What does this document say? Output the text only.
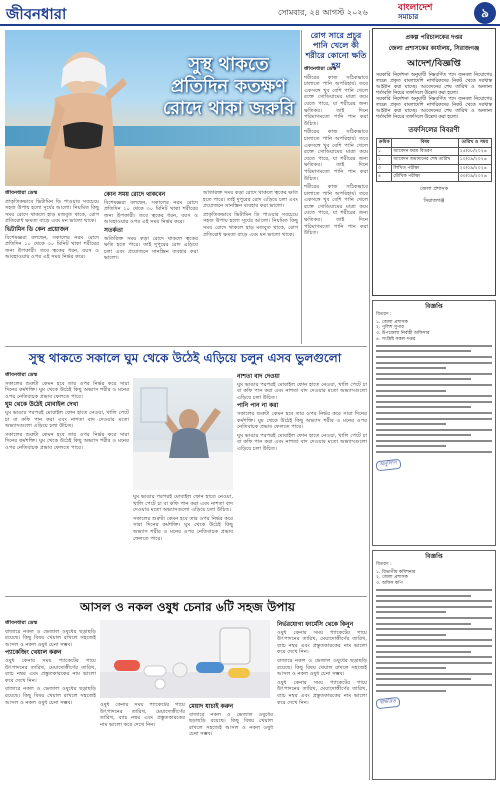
জীবনধারা	সোমবার, ২৪ আগস্ট ২০২৬	বাংলাদেশ
সমাচার	৯
সুস্থ থাকতে প্রতিদিন কতক্ষণ রোদে থাকা জরুরি
জীবনধারা ডেস্ক

প্রাকৃতিকভাবে ভিটামিন ডি পাওয়ার সবচেয়ে সহজ উপায় হলো সূর্যের আলো। নিয়মিত কিছু সময় রোদে থাকলে হাড় মজবুত থাকে, রোগ প্রতিরোধ ক্ষমতা বাড়ে এবং মন ভালো থাকে।

ভিটামিন ডি কেন প্রয়োজন

বিশেষজ্ঞরা বলছেন, সকালের নরম রোদে প্রতিদিন ১০ থেকে ৩০ মিনিট থাকা শরীরের জন্য উপকারী। তবে ত্বকের ধরন, বয়স ও আবহাওয়ার ওপর এই সময় নির্ভর করে।

কোন সময় রোদে থাকবেন

বিশেষজ্ঞরা বলছেন, সকালের নরম রোদে প্রতিদিন ১০ থেকে ৩০ মিনিট থাকা শরীরের জন্য উপকারী। তবে ত্বকের ধরন, বয়স ও আবহাওয়ার ওপর এই সময় নির্ভর করে।

সতর্কতা

অতিরিক্ত সময় কড়া রোদে থাকলে ত্বকের ক্ষতি হতে পারে। তাই দুপুরের রোদ এড়িয়ে চলা এবং প্রয়োজনে সানস্ক্রিন ব্যবহার করা ভালো।

অতিরিক্ত সময় কড়া রোদে থাকলে ত্বকের ক্ষতি হতে পারে। তাই দুপুরের রোদ এড়িয়ে চলা এবং প্রয়োজনে সানস্ক্রিন ব্যবহার করা ভালো।

প্রাকৃতিকভাবে ভিটামিন ডি পাওয়ার সবচেয়ে সহজ উপায় হলো সূর্যের আলো। নিয়মিত কিছু সময় রোদে থাকলে হাড় মজবুত থাকে, রোগ প্রতিরোধ ক্ষমতা বাড়ে এবং মন ভালো থাকে।

রোগ সারে প্রচুর পানি খেলে কী শরীরে কোনো ক্ষতি হয়
জীবনধারা ডেস্ক

শরীরের কাজ সঠিকভাবে চালাতে পানি অপরিহার্য। তবে একসঙ্গে খুব বেশি পানি খেলে রক্তে সোডিয়ামের মাত্রা কমে যেতে পারে, যা শরীরের জন্য ক্ষতিকর। তাই দিনে পরিমাণমতো পানি পান করা উচিত।

শরীরের কাজ সঠিকভাবে চালাতে পানি অপরিহার্য। তবে একসঙ্গে খুব বেশি পানি খেলে রক্তে সোডিয়ামের মাত্রা কমে যেতে পারে, যা শরীরের জন্য ক্ষতিকর। তাই দিনে পরিমাণমতো পানি পান করা উচিত।

শরীরের কাজ সঠিকভাবে চালাতে পানি অপরিহার্য। তবে একসঙ্গে খুব বেশি পানি খেলে রক্তে সোডিয়ামের মাত্রা কমে যেতে পারে, যা শরীরের জন্য ক্ষতিকর। তাই দিনে পরিমাণমতো পানি পান করা উচিত।

প্রকল্প পরিচালকের দপ্তর
জেলা প্রশাসকের কার্যালয়, সিরাজগঞ্জ
আদেশ/বিজ্ঞপ্তি
সরকারি নির্দেশনা অনুযায়ী নিম্নবর্ণিত পদে জনবল নিয়োগের লক্ষ্যে প্রকৃত বাংলাদেশি নাগরিকদের নিকট থেকে দরখাস্ত আহ্বান করা যাচ্ছে। আবেদনের শেষ তারিখ ও অন্যান্য শর্তাবলি নিচের তফসিলে উল্লেখ করা হলো।
সরকারি নির্দেশনা অনুযায়ী নিম্নবর্ণিত পদে জনবল নিয়োগের লক্ষ্যে প্রকৃত বাংলাদেশি নাগরিকদের নিকট থেকে দরখাস্ত আহ্বান করা যাচ্ছে। আবেদনের শেষ তারিখ ও অন্যান্য শর্তাবলি নিচের তফসিলে উল্লেখ করা হলো।
তফসিলের বিবরণী
ক্রমিক	বিষয়	তারিখ ও সময়
১	আবেদন ফরম বিতরণ	২৫/০৮/২০২৬
২	আবেদন জমাদানের শেষ তারিখ	১০/০৯/২০২৬
৩	লিখিত পরীক্ষা	২০/০৯/২০২৬
৪	মৌখিক পরীক্ষা	৩০/০৯/২০২৬
জেলা প্রশাসক
সিরাজগঞ্জ
সুস্থ থাকতে সকালে ঘুম থেকে উঠেই এড়িয়ে চলুন এসব ভুলগুলো
জীবনধারা ডেস্ক

সকালের শুরুটা কেমন হবে তার ওপর নির্ভর করে সারা দিনের কর্মশক্তি। ঘুম থেকে উঠেই কিছু অভ্যাস শরীর ও মনের ওপর নেতিবাচক প্রভাব ফেলতে পারে।

ঘুম থেকে উঠেই মোবাইল দেখা

ঘুম ভাঙার পরপরই মোবাইল ফোন হাতে নেওয়া, খালি পেটে চা বা কফি পান করা এবং নাশতা বাদ দেওয়ার মতো অভ্যাসগুলো এড়িয়ে চলা উচিত।

সকালের শুরুটা কেমন হবে তার ওপর নির্ভর করে সারা দিনের কর্মশক্তি। ঘুম থেকে উঠেই কিছু অভ্যাস শরীর ও মনের ওপর নেতিবাচক প্রভাব ফেলতে পারে।

নাশতা বাদ দেওয়া

ঘুম ভাঙার পরপরই মোবাইল ফোন হাতে নেওয়া, খালি পেটে চা বা কফি পান করা এবং নাশতা বাদ দেওয়ার মতো অভ্যাসগুলো এড়িয়ে চলা উচিত।

পানি পান না করা

সকালের শুরুটা কেমন হবে তার ওপর নির্ভর করে সারা দিনের কর্মশক্তি। ঘুম থেকে উঠেই কিছু অভ্যাস শরীর ও মনের ওপর নেতিবাচক প্রভাব ফেলতে পারে।

ঘুম ভাঙার পরপরই মোবাইল ফোন হাতে নেওয়া, খালি পেটে চা বা কফি পান করা এবং নাশতা বাদ দেওয়ার মতো অভ্যাসগুলো এড়িয়ে চলা উচিত।

ঘুম ভাঙার পরপরই মোবাইল ফোন হাতে নেওয়া, খালি পেটে চা বা কফি পান করা এবং নাশতা বাদ দেওয়ার মতো অভ্যাসগুলো এড়িয়ে চলা উচিত।

সকালের শুরুটা কেমন হবে তার ওপর নির্ভর করে সারা দিনের কর্মশক্তি। ঘুম থেকে উঠেই কিছু অভ্যাস শরীর ও মনের ওপর নেতিবাচক প্রভাব ফেলতে পারে।

আসল ও নকল ওষুধ চেনার ৬টি সহজ উপায়
জীবনধারা ডেস্ক

বাজারে নকল ও ভেজাল ওষুধের ছড়াছড়ি রয়েছে। কিছু বিষয় খেয়াল রাখলে সহজেই আসল ও নকল ওষুধ চেনা সম্ভব।

প্যাকেজিং খেয়াল করুন

ওষুধ কেনার সময় প্যাকেটের গায়ে উৎপাদনের তারিখ, মেয়াদোত্তীর্ণের তারিখ, ব্যাচ নম্বর এবং প্রস্তুতকারকের নাম ভালো করে দেখে নিন।

বাজারে নকল ও ভেজাল ওষুধের ছড়াছড়ি রয়েছে। কিছু বিষয় খেয়াল রাখলে সহজেই আসল ও নকল ওষুধ চেনা সম্ভব।	ওষুধ কেনার সময় প্যাকেটের গায়ে উৎপাদনের তারিখ, মেয়াদোত্তীর্ণের তারিখ, ব্যাচ নম্বর এবং প্রস্তুতকারকের নাম ভালো করে দেখে নিন।

মেয়াদ যাচাই করুন

বাজারে নকল ও ভেজাল ওষুধের ছড়াছড়ি রয়েছে। কিছু বিষয় খেয়াল রাখলে সহজেই আসল ও নকল ওষুধ চেনা সম্ভব।

নির্ভরযোগ্য ফার্মেসি থেকে কিনুন

ওষুধ কেনার সময় প্যাকেটের গায়ে উৎপাদনের তারিখ, মেয়াদোত্তীর্ণের তারিখ, ব্যাচ নম্বর এবং প্রস্তুতকারকের নাম ভালো করে দেখে নিন।

বাজারে নকল ও ভেজাল ওষুধের ছড়াছড়ি রয়েছে। কিছু বিষয় খেয়াল রাখলে সহজেই আসল ও নকল ওষুধ চেনা সম্ভব।

ওষুধ কেনার সময় প্যাকেটের গায়ে উৎপাদনের তারিখ, মেয়াদোত্তীর্ণের তারিখ, ব্যাচ নম্বর এবং প্রস্তুতকারকের নাম ভালো করে দেখে নিন।

বিজ্ঞপ্তি
বিতরণ :
১. জেলা প্রশাসক
২. পুলিশ সুপার
৩. উপজেলা নির্বাহী অফিসার
৪. সংশ্লিষ্ট সকল দপ্তর
অনুলিপি
বিজ্ঞপ্তি
বিতরণ :
১. বিভাগীয় কমিশনার
২. জেলা প্রশাসক
৩. অফিস কপি
স্বাক্ষরিত
